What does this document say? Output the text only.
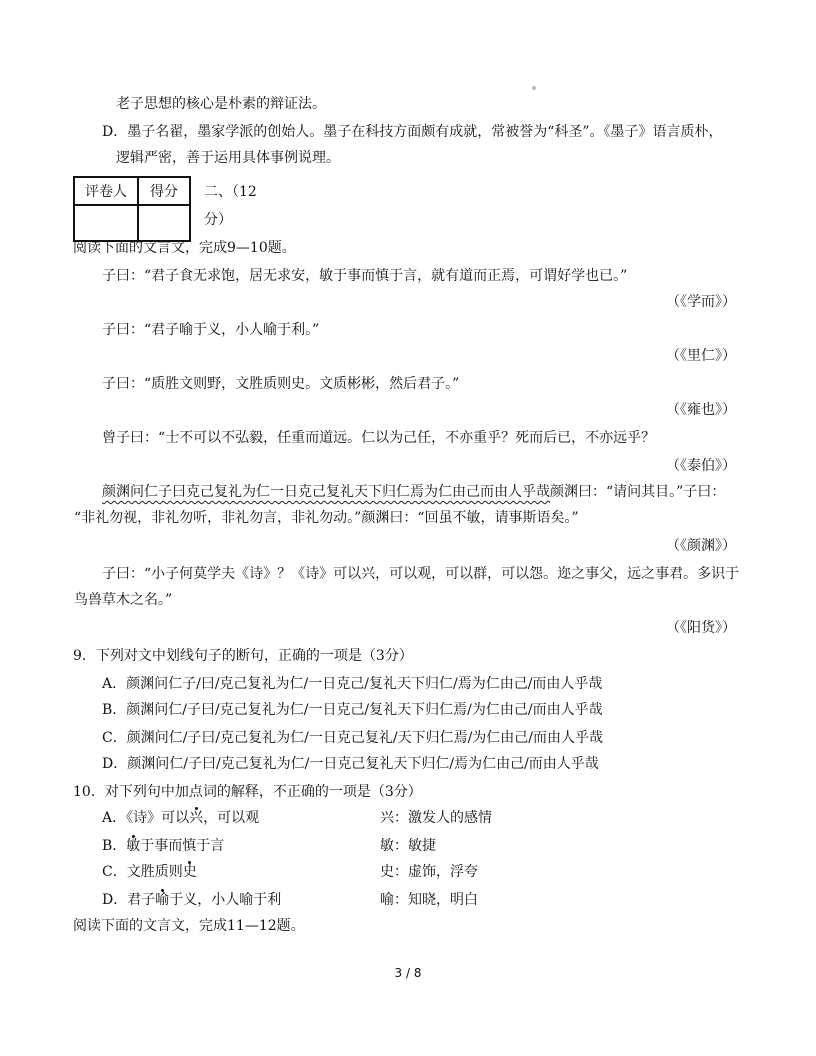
老子思想的核心是朴素的辩证法。
D．墨子名翟，墨家学派的创始人。墨子在科技方面颇有成就，常被誉为“科圣”。《墨子》语言质朴，
逻辑严密，善于运用具体事例说理。
评卷人	得分
	二、（12
分）
阅读下面的文言文，完成9—10题。
子曰：“君子食无求饱，居无求安，敏于事而慎于言，就有道而正焉，可谓好学也已。”
（《学而》）
子曰：“君子喻于义，小人喻于利。”
（《里仁》）
子曰：“质胜文则野，文胜质则史。文质彬彬，然后君子。”
（《雍也》）
曾子曰：“士不可以不弘毅，任重而道远。仁以为己任，不亦重乎？死而后已，不亦远乎？
（《泰伯》）
颜渊问仁子曰克己复礼为仁一日克己复礼天下归仁焉为仁由己而由人乎哉颜渊曰：“请问其目。”子曰：
“非礼勿视，非礼勿听，非礼勿言，非礼勿动。”颜渊曰：“回虽不敏，请事斯语矣。”
（《颜渊》）
子曰：“小子何莫学夫《诗》？《诗》可以兴，可以观，可以群，可以怨。迩之事父，远之事君。多识于
鸟兽草木之名。”
（《阳货》）
9．下列对文中划线句子的断句，正确的一项是（3分）
A．颜渊问仁子/曰/克己复礼为仁/一日克己/复礼天下归仁/焉为仁由己/而由人乎哉
B．颜渊问仁/子曰/克己复礼为仁/一日克己/复礼天下归仁焉/为仁由己/而由人乎哉
C．颜渊问仁/子曰/克己复礼为仁/一日克己复礼/天下归仁焉/为仁由己/而由人乎哉
D．颜渊问仁/子曰/克己复礼为仁/一日克己复礼天下归仁/焉为仁由己/而由人乎哉
10．对下列句中加点词的解释，不正确的一项是（3分）
A．《诗》可以兴，可以观	兴：激发人的感情
B．敏于事而慎于言	敏：敏捷
C．文胜质则史	史：虚饰，浮夸
D．君子喻于义，小人喻于利	喻：知晓，明白
阅读下面的文言文，完成11—12题。
3 / 8
